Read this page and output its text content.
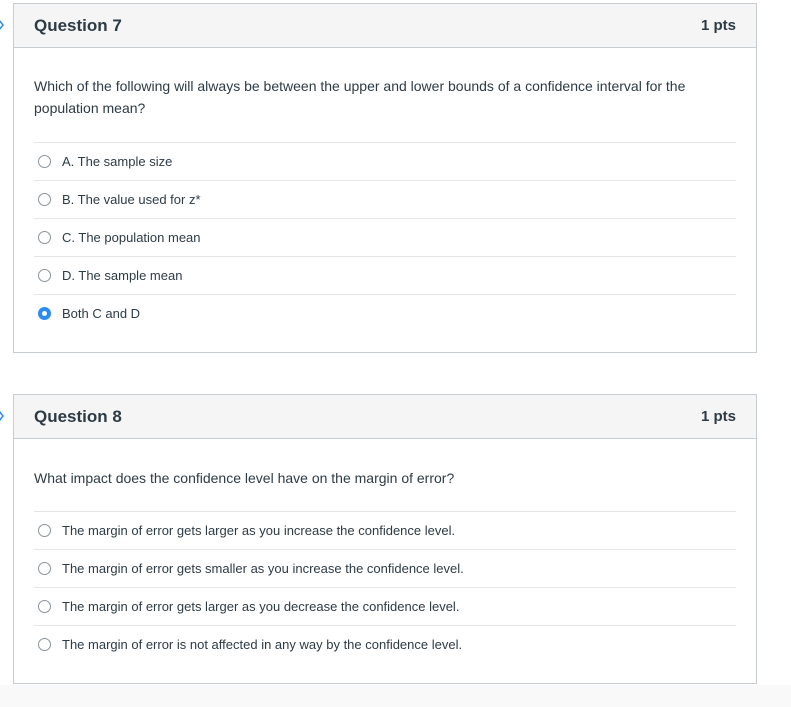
Question 7	1 pts

Which of the following will always be between the upper and lower bounds of a confidence interval for the population mean?

A. The sample size
B. The value used for z*
C. The population mean
D. The sample mean
Both C and D
Question 8	1 pts

What impact does the confidence level have on the margin of error?

The margin of error gets larger as you increase the confidence level.
The margin of error gets smaller as you increase the confidence level.
The margin of error gets larger as you decrease the confidence level.
The margin of error is not affected in any way by the confidence level.
